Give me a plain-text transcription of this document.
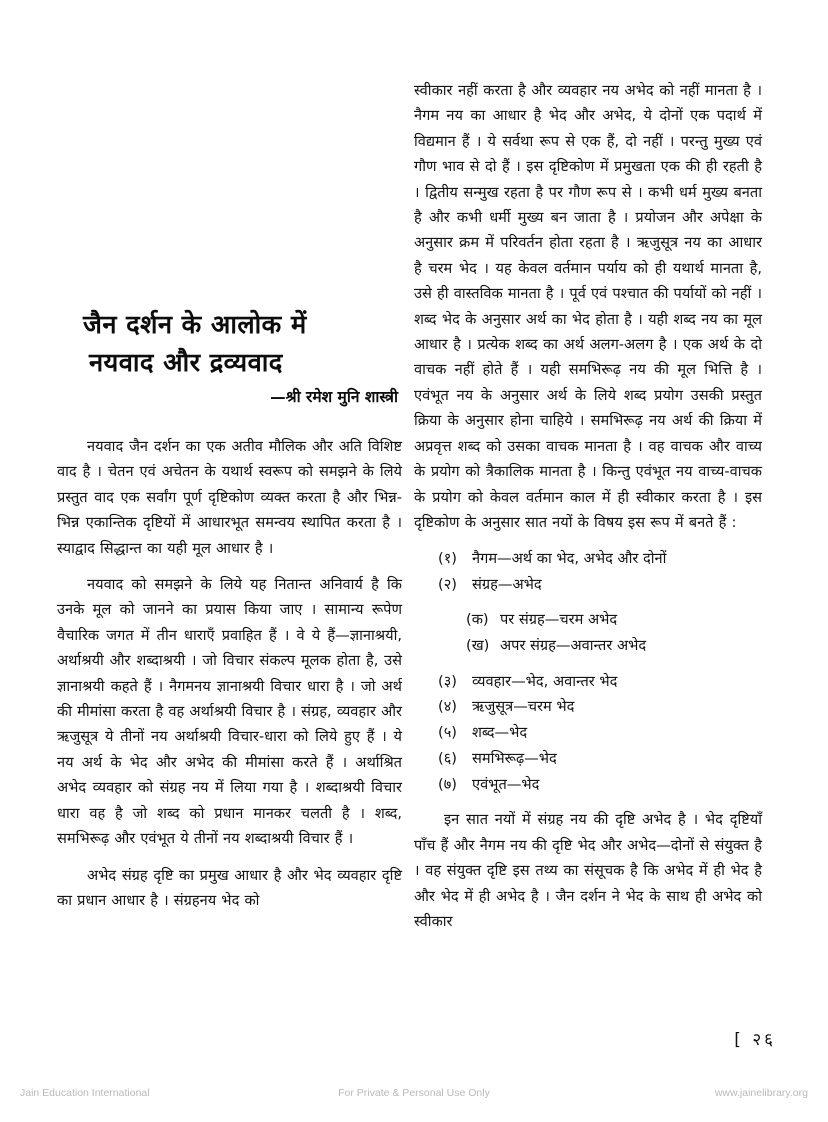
जैन दर्शन के आलोक में
नयवाद और द्रव्यवाद
—श्री रमेश मुनि शास्त्री

नयवाद जैन दर्शन का एक अतीव मौलिक और अति विशिष्ट वाद है । चेतन एवं अचेतन के यथार्थ स्वरूप को समझने के लिये प्रस्तुत वाद एक सर्वांग पूर्ण दृष्टिकोण व्यक्त करता है और भिन्न-भिन्न एकान्तिक दृष्टियों में आधारभूत समन्वय स्थापित करता है । स्याद्वाद सिद्धान्त का यही मूल आधार है ।

नयवाद को समझने के लिये यह नितान्त अनिवार्य है कि उनके मूल को जानने का प्रयास किया जाए । सामान्य रूपेण वैचारिक जगत में तीन धाराएँ प्रवाहित हैं । वे ये हैं—ज्ञानाश्रयी, अर्थाश्रयी और शब्दाश्रयी । जो विचार संकल्प मूलक होता है, उसे ज्ञानाश्रयी कहते हैं । नैगमनय ज्ञानाश्रयी विचार धारा है । जो अर्थ की मीमांसा करता है वह अर्थाश्रयी विचार है । संग्रह, व्यवहार और ऋजुसूत्र ये तीनों नय अर्थाश्रयी विचार-धारा को लिये हुए हैं । ये नय अर्थ के भेद और अभेद की मीमांसा करते हैं । अर्थाश्रित अभेद व्यवहार को संग्रह नय में लिया गया है । शब्दाश्रयी विचार धारा वह है जो शब्द को प्रधान मानकर चलती है । शब्द, समभिरूढ़ और एवंभूत ये तीनों नय शब्दाश्रयी विचार हैं ।

अभेद संग्रह दृष्टि का प्रमुख आधार है और भेद व्यवहार दृष्टि का प्रधान आधार है । संग्रहनय भेद को

स्वीकार नहीं करता है और व्यवहार नय अभेद को नहीं मानता है । नैगम नय का आधार है भेद और अभेद, ये दोनों एक पदार्थ में विद्यमान हैं । ये सर्वथा रूप से एक हैं, दो नहीं । परन्तु मुख्य एवं गौण भाव से दो हैं । इस दृष्टिकोण में प्रमुखता एक की ही रहती है । द्वितीय सन्मुख रहता है पर गौण रूप से । कभी धर्म मुख्य बनता है और कभी धर्मी मुख्य बन जाता है । प्रयोजन और अपेक्षा के अनुसार क्रम में परिवर्तन होता रहता है । ऋजुसूत्र नय का आधार है चरम भेद । यह केवल वर्तमान पर्याय को ही यथार्थ मानता है, उसे ही वास्तविक मानता है । पूर्व एवं पश्चात की पर्यायों को नहीं । शब्द भेद के अनुसार अर्थ का भेद होता है । यही शब्द नय का मूल आधार है । प्रत्येक शब्द का अर्थ अलग-अलग है । एक अर्थ के दो वाचक नहीं होते हैं । यही समभिरूढ़ नय की मूल भित्ति है । एवंभूत नय के अनुसार अर्थ के लिये शब्द प्रयोग उसकी प्रस्तुत क्रिया के अनुसार होना चाहिये । समभिरूढ़ नय अर्थ की क्रिया में अप्रवृत्त शब्द को उसका वाचक मानता है । वह वाचक और वाच्य के प्रयोग को त्रैकालिक मानता है । किन्तु एवंभूत नय वाच्य-वाचक के प्रयोग को केवल वर्तमान काल में ही स्वीकार करता है । इस दृष्टिकोण के अनुसार सात नयों के विषय इस रूप में बनते हैं :

(१) नैगम—अर्थ का भेद, अभेद और दोनों
(२) संग्रह—अभेद
(क) पर संग्रह—चरम अभेद
(ख) अपर संग्रह—अवान्तर अभेद
(३) व्यवहार—भेद, अवान्तर भेद
(४) ऋजुसूत्र—चरम भेद
(५) शब्द—भेद
(६) समभिरूढ़—भेद
(७) एवंभूत—भेद

इन सात नयों में संग्रह नय की दृष्टि अभेद है । भेद दृष्टियाँ पाँच हैं और नैगम नय की दृष्टि भेद और अभेद—दोनों से संयुक्त है । वह संयुक्त दृष्टि इस तथ्य का संसूचक है कि अभेद में ही भेद है और भेद में ही अभेद है । जैन दर्शन ने भेद के साथ ही अभेद को स्वीकार

[ २६
Jain Education International	For Private & Personal Use Only	www.jainelibrary.org
